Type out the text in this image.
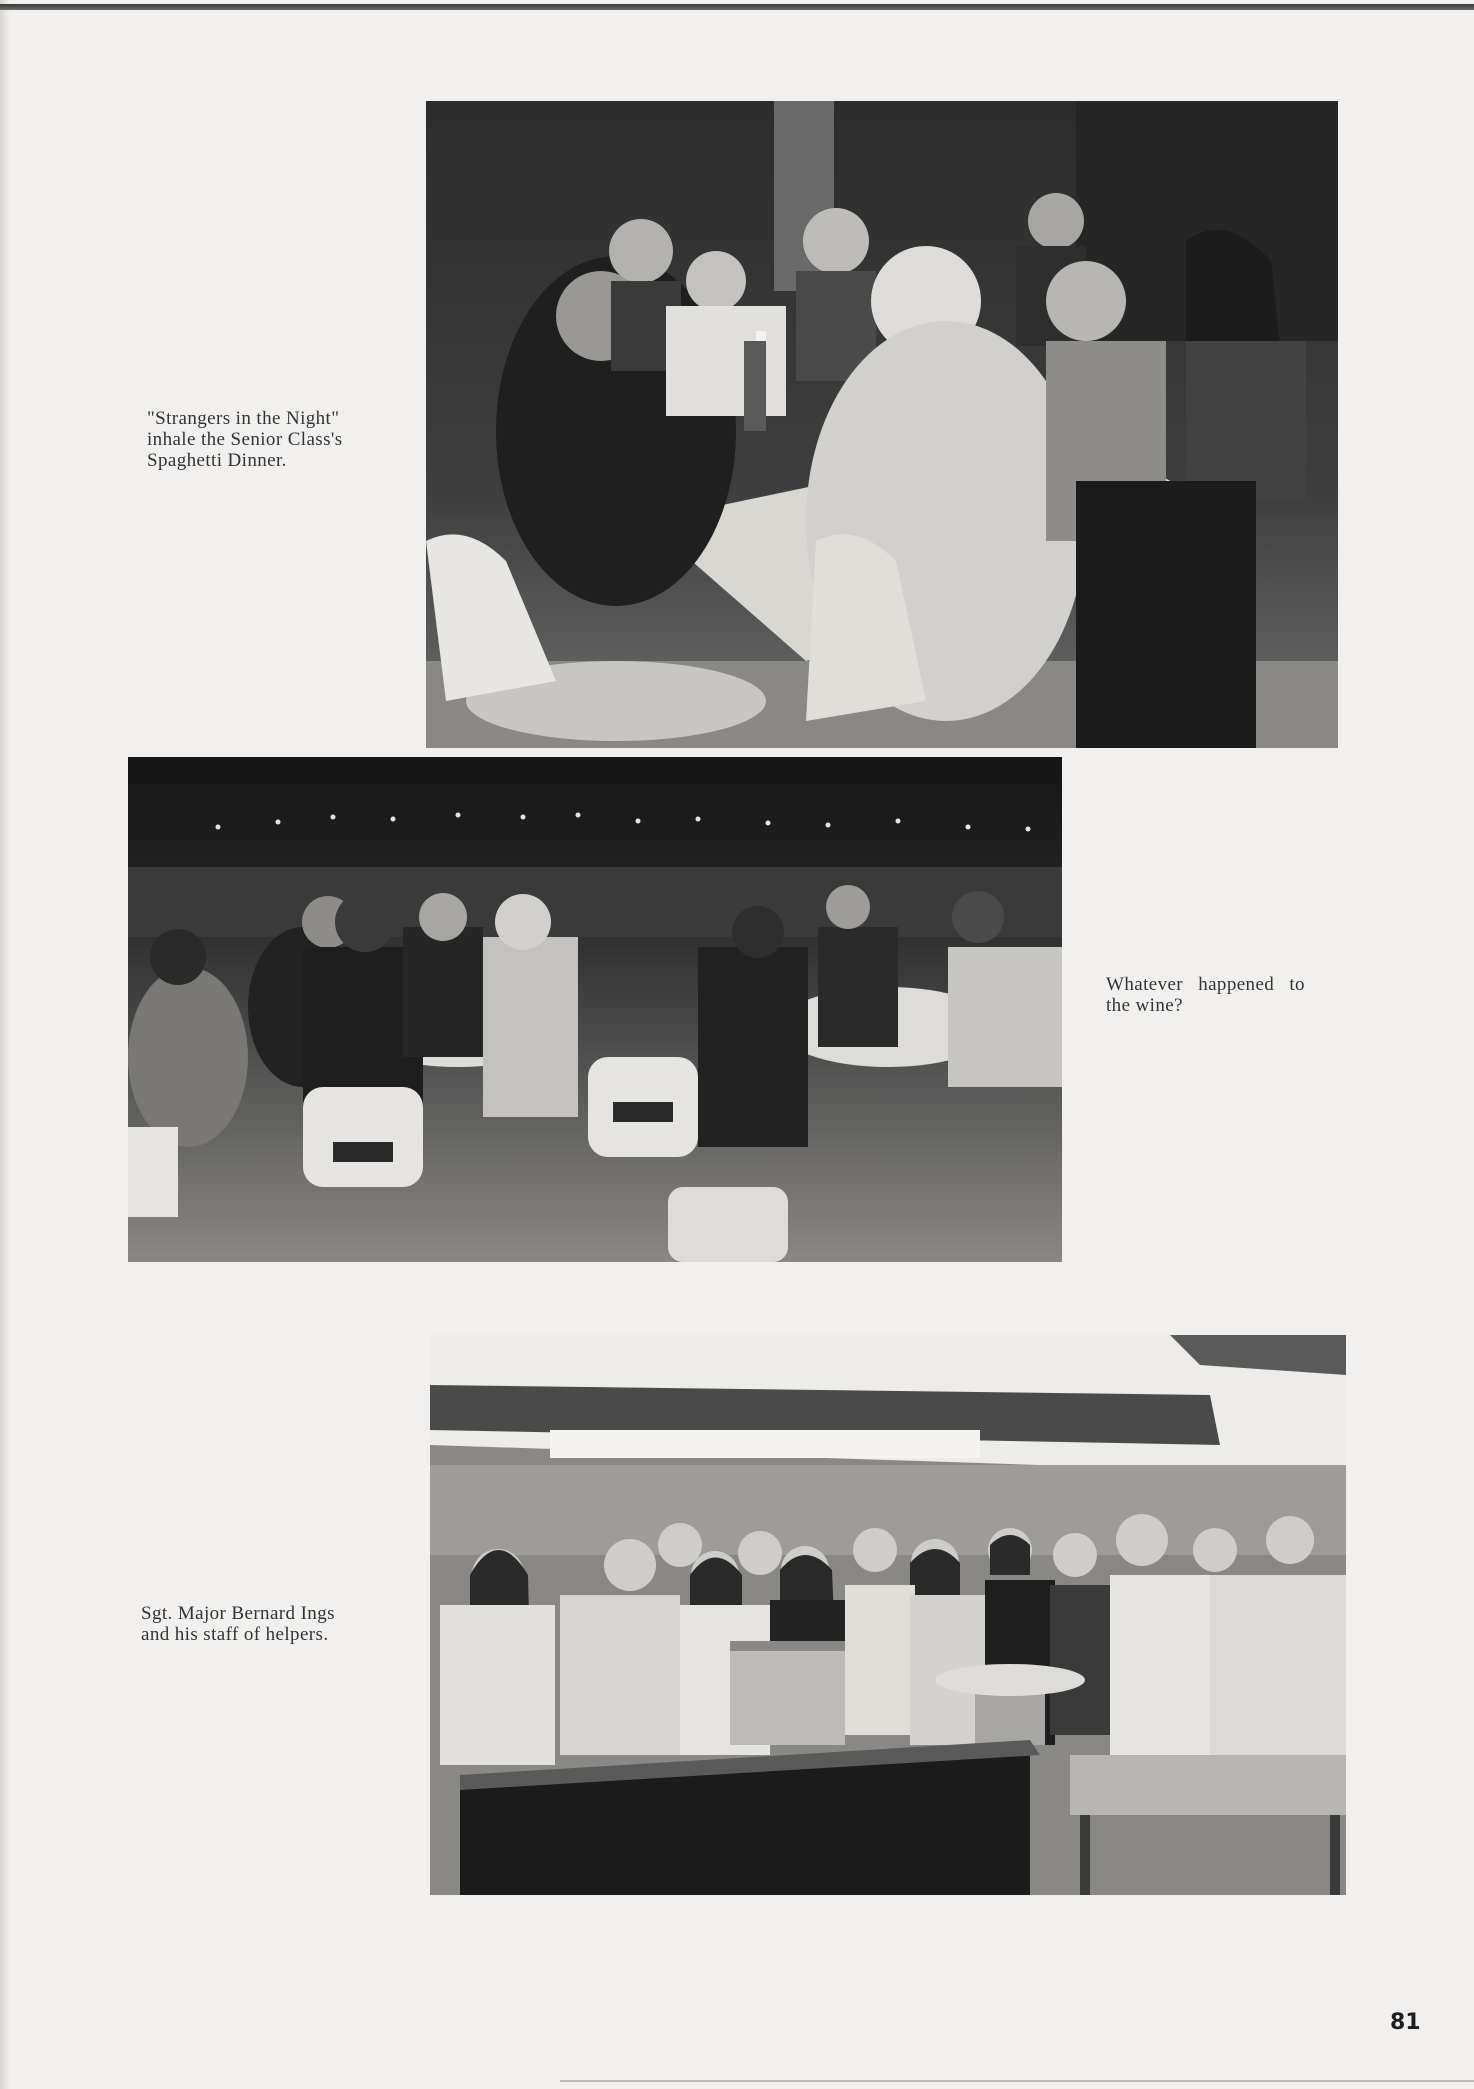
"Strangers in the Night"
inhale the Senior Class's
Spaghetti Dinner.
Whatever happened to
the wine?
Sgt. Major Bernard Ings
and his staff of helpers.
81
